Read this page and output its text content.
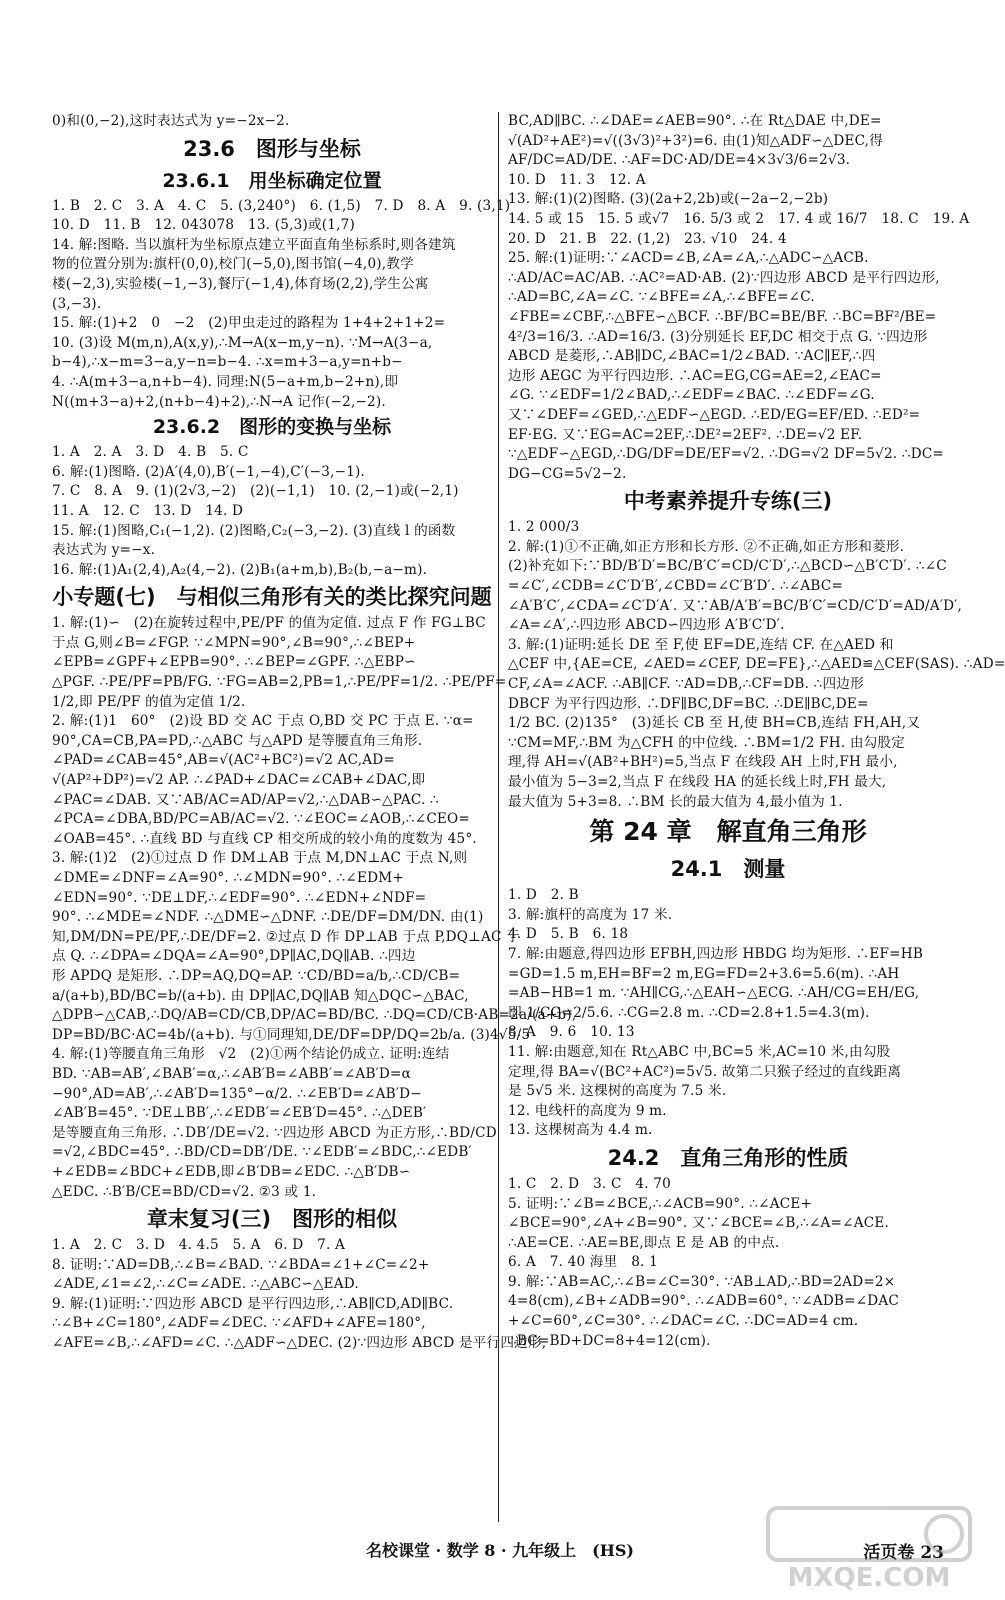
0)和(0,−2),这时表达式为 y=−2x−2.
23.6　图形与坐标
23.6.1　用坐标确定位置
1. B　2. C　3. A　4. C　5. (3,240°)　6. (1,5)　7. D　8. A　9. (3,1)
10. D　11. B　12. 043078　13. (5,3)或(1,7)
14. 解:图略. 当以旗杆为坐标原点建立平面直角坐标系时,则各建筑
物的位置分别为:旗杆(0,0),校门(−5,0),图书馆(−4,0),教学
楼(−2,3),实验楼(−1,−3),餐厅(−1,4),体育场(2,2),学生公寓
(3,−3).
15. 解:(1)+2　0　−2　(2)甲虫走过的路程为 1+4+2+1+2=
10. (3)设 M(m,n),A(x,y),∴M→A(x−m,y−n). ∵M→A(3−a,
b−4),∴x−m=3−a,y−n=b−4. ∴x=m+3−a,y=n+b−
4. ∴A(m+3−a,n+b−4). 同理:N(5−a+m,b−2+n),即
N((m+3−a)+2,(n+b−4)+2),∴N→A 记作(−2,−2).
23.6.2　图形的变换与坐标
1. A　2. A　3. D　4. B　5. C
6. 解:(1)图略. (2)A′(4,0),B′(−1,−4),C′(−3,−1).
7. C　8. A　9. (1)(2√3,−2)　(2)(−1,1)　10. (2,−1)或(−2,1)
11. A　12. C　13. D　14. D
15. 解:(1)图略,C₁(−1,2). (2)图略,C₂(−3,−2). (3)直线 l 的函数
表达式为 y=−x.
16. 解:(1)A₁(2,4),A₂(4,−2). (2)B₁(a+m,b),B₂(b,−a−m).
小专题(七)　与相似三角形有关的类比探究问题
1. 解:(1)∽　(2)在旋转过程中,PE/PF 的值为定值. 过点 F 作 FG⊥BC
于点 G,则∠B=∠FGP. ∵∠MPN=90°,∠B=90°,∴∠BEP+
∠EPB=∠GPF+∠EPB=90°. ∴∠BEP=∠GPF. ∴△EBP∽
△PGF. ∴PE/PF=PB/FG. ∵FG=AB=2,PB=1,∴PE/PF=1/2. ∴PE/PF=
1/2,即 PE/PF 的值为定值 1/2.
2. 解:(1)1　60°　(2)设 BD 交 AC 于点 O,BD 交 PC 于点 E. ∵α=
90°,CA=CB,PA=PD,∴△ABC 与△APD 是等腰直角三角形.
∠PAD=∠CAB=45°,AB=√(AC²+BC²)=√2 AC,AD=
√(AP²+DP²)=√2 AP. ∴∠PAD+∠DAC=∠CAB+∠DAC,即
∠PAC=∠DAB. 又∵AB/AC=AD/AP=√2,∴△DAB∽△PAC. ∴
∠PCA=∠DBA,BD/PC=AB/AC=√2. ∵∠EOC=∠AOB,∴∠CEO=
∠OAB=45°. ∴直线 BD 与直线 CP 相交所成的较小角的度数为 45°.
3. 解:(1)2　(2)①过点 D 作 DM⊥AB 于点 M,DN⊥AC 于点 N,则
∠DME=∠DNF=∠A=90°. ∴∠MDN=90°. ∴∠EDM+
∠EDN=90°. ∵DE⊥DF,∴∠EDF=90°. ∴∠EDN+∠NDF=
90°. ∴∠MDE=∠NDF. ∴△DME∽△DNF. ∴DE/DF=DM/DN. 由(1)
知,DM/DN=PE/PF,∴DE/DF=2. ②过点 D 作 DP⊥AB 于点 P,DQ⊥AC 于
点 Q. ∴∠DPA=∠DQA=∠A=90°,DP∥AC,DQ∥AB. ∴四边
形 APDQ 是矩形. ∴DP=AQ,DQ=AP. ∵CD/BD=a/b,∴CD/CB=
a/(a+b),BD/BC=b/(a+b). 由 DP∥AC,DQ∥AB 知△DQC∽△BAC,
△DPB∽△CAB,∴DQ/AB=CD/CB,DP/AC=BD/BC. ∴DQ=CD/CB·AB=2a/(a+b),
DP=BD/BC·AC=4b/(a+b). 与①同理知,DE/DF=DP/DQ=2b/a. (3)4√5/5
4. 解:(1)等腰直角三角形　√2　(2)①两个结论仍成立. 证明:连结
BD. ∵AB=AB′,∠BAB′=α,∴∠AB′B=∠ABB′=∠AB′D=α
−90°,AD=AB′,∴∠AB′D=135°−α/2. ∴∠EB′D=∠AB′D−
∠AB′B=45°. ∵DE⊥BB′,∴∠EDB′=∠EB′D=45°. ∴△DEB′
是等腰直角三角形. ∴DB′/DE=√2. ∵四边形 ABCD 为正方形,∴BD/CD
=√2,∠BDC=45°. ∴BD/CD=DB′/DE. ∵∠EDB′=∠BDC,∴∠EDB′
+∠EDB=∠BDC+∠EDB,即∠B′DB=∠EDC. ∴△B′DB∽
△EDC. ∴B′B/CE=BD/CD=√2. ②3 或 1.
章末复习(三)　图形的相似
1. A　2. C　3. D　4. 4.5　5. A　6. D　7. A
8. 证明:∵AD=DB,∴∠B=∠BAD. ∵∠BDA=∠1+∠C=∠2+
∠ADE,∠1=∠2,∴∠C=∠ADE. ∴△ABC∽△EAD.
9. 解:(1)证明:∵四边形 ABCD 是平行四边形,∴AB∥CD,AD∥BC.
∴∠B+∠C=180°,∠ADF=∠DEC. ∵∠AFD+∠AFE=180°,
∠AFE=∠B,∴∠AFD=∠C. ∴△ADF∽△DEC. (2)∵四边形 ABCD 是平行四边形,
BC,AD∥BC. ∴∠DAE=∠AEB=90°. ∴在 Rt△DAE 中,DE=
√(AD²+AE²)=√((3√3)²+3²)=6. 由(1)知△ADF∽△DEC,得
AF/DC=AD/DE. ∴AF=DC·AD/DE=4×3√3/6=2√3.
10. D　11. 3　12. A
13. 解:(1)(2)图略. (3)(2a+2,2b)或(−2a−2,−2b)
14. 5 或 15　15. 5 或√7　16. 5/3 或 2　17. 4 或 16/7　18. C　19. A
20. D　21. B　22. (1,2)　23. √10　24. 4
25. 解:(1)证明:∵∠ACD=∠B,∠A=∠A,∴△ADC∽△ACB.
∴AD/AC=AC/AB. ∴AC²=AD·AB. (2)∵四边形 ABCD 是平行四边形,
∴AD=BC,∠A=∠C. ∵∠BFE=∠A,∴∠BFE=∠C.
∠FBE=∠CBF,∴△BFE∽△BCF. ∴BF/BC=BE/BF. ∴BC=BF²/BE=
4²/3=16/3. ∴AD=16/3. (3)分别延长 EF,DC 相交于点 G. ∵四边形
ABCD 是菱形,∴AB∥DC,∠BAC=1/2∠BAD. ∵AC∥EF,∴四
边形 AEGC 为平行四边形. ∴AC=EG,CG=AE=2,∠EAC=
∠G. ∵∠EDF=1/2∠BAD,∴∠EDF=∠BAC. ∴∠EDF=∠G.
又∵∠DEF=∠GED,∴△EDF∽△EGD. ∴ED/EG=EF/ED. ∴ED²=
EF·EG. 又∵EG=AC=2EF,∴DE²=2EF². ∴DE=√2 EF.
∵△EDF∽△EGD,∴DG/DF=DE/EF=√2. ∴DG=√2 DF=5√2. ∴DC=
DG−CG=5√2−2.
中考素养提升专练(三)
1. 2 000/3
2. 解:(1)①不正确,如正方形和长方形. ②不正确,如正方形和菱形.
(2)补充如下:∵BD/B′D′=BC/B′C′=CD/C′D′,∴△BCD∽△B′C′D′. ∴∠C
=∠C′,∠CDB=∠C′D′B′,∠CBD=∠C′B′D′. ∴∠ABC=
∠A′B′C′,∠CDA=∠C′D′A′. 又∵AB/A′B′=BC/B′C′=CD/C′D′=AD/A′D′,
∠A=∠A′,∴四边形 ABCD∽四边形 A′B′C′D′.
3. 解:(1)证明:延长 DE 至 F,使 EF=DE,连结 CF. 在△AED 和
△CEF 中,{AE=CE, ∠AED=∠CEF, DE=FE},∴△AED≌△CEF(SAS). ∴AD=
CF,∠A=∠ACF. ∴AB∥CF. ∵AD=DB,∴CF=DB. ∴四边形
DBCF 为平行四边形. ∴DF∥BC,DF=BC. ∴DE∥BC,DE=
1/2 BC. (2)135°　(3)延长 CB 至 H,使 BH=CB,连结 FH,AH,又
∵CM=MF,∴BM 为△CFH 的中位线. ∴BM=1/2 FH. 由勾股定
理,得 AH=√(AB²+BH²)=5,当点 F 在线段 AH 上时,FH 最小,
最小值为 5−3=2,当点 F 在线段 HA 的延长线上时,FH 最大,
最大值为 5+3=8. ∴BM 长的最大值为 4,最小值为 1.
第 24 章　解直角三角形
24.1　测量
1. D　2. B
3. 解:旗杆的高度为 17 米.
4. D　5. B　6. 18
7. 解:由题意,得四边形 EFBH,四边形 HBDG 均为矩形. ∴EF=HB
=GD=1.5 m,EH=BF=2 m,EG=FD=2+3.6=5.6(m). ∴AH
=AB−HB=1 m. ∵AH∥CG,∴△EAH∽△ECG. ∴AH/CG=EH/EG,
即 1/CG=2/5.6. ∴CG=2.8 m. ∴CD=2.8+1.5=4.3(m).
8. A　9. 6　10. 13
11. 解:由题意,知在 Rt△ABC 中,BC=5 米,AC=10 米,由勾股
定理,得 BA=√(BC²+AC²)=5√5. 故第二只猴子经过的直线距离
是 5√5 米. 这棵树的高度为 7.5 米.
12. 电线杆的高度为 9 m.
13. 这棵树高为 4.4 m.
24.2　直角三角形的性质
1. C　2. D　3. C　4. 70
5. 证明:∵∠B=∠BCE,∴∠ACB=90°. ∴∠ACE+
∠BCE=90°,∠A+∠B=90°. 又∵∠BCE=∠B,∴∠A=∠ACE.
∴AE=CE. ∴AE=BE,即点 E 是 AB 的中点.
6. A　7. 40 海里　8. 1
9. 解:∵AB=AC,∴∠B=∠C=30°. ∵AB⊥AD,∴BD=2AD=2×
4=8(cm),∠B+∠ADB=90°. ∴∠ADB=60°. ∵∠ADB=∠DAC
+∠C=60°,∠C=30°. ∴∠DAC=∠C. ∴DC=AD=4 cm.
∴BC=BD+DC=8+4=12(cm).
名校课堂 · 数学 8 · 九年级上　(HS)	活页卷 23
MXQE.COM
